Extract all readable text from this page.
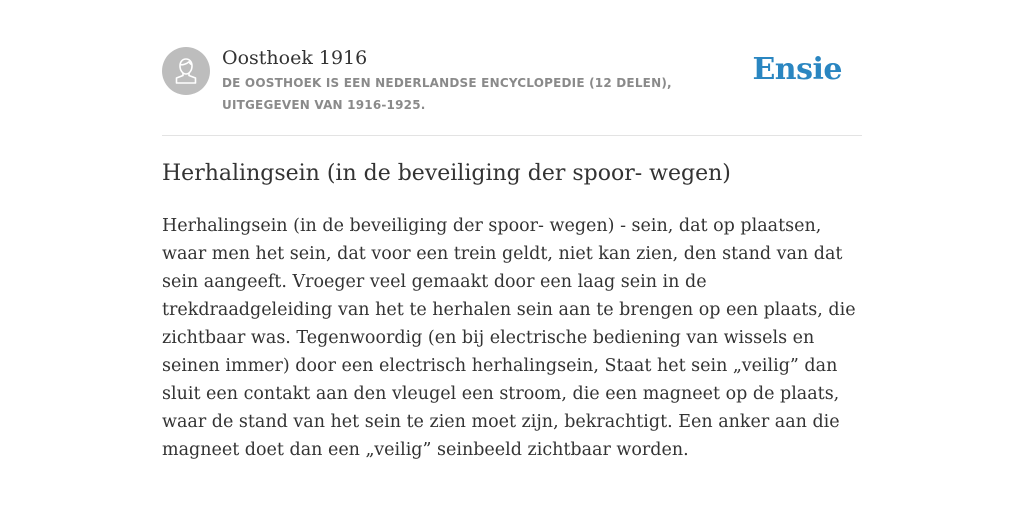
Oosthoek 1916

DE OOSTHOEK IS EEN NEDERLANDSE ENCYCLOPEDIE (12 DELEN), UITGEGEVEN VAN 1916-1925.

Ensie
Herhalingsein (in de beveiliging der spoor- wegen)

Herhalingsein (in de beveiliging der spoor- wegen) - sein, dat op plaatsen, waar men het sein, dat voor een trein geldt, niet kan zien, den stand van dat sein aangeeft. Vroeger veel gemaakt door een laag sein in de trekdraadgeleiding van het te herhalen sein aan te brengen op een plaats, die zichtbaar was. Tegenwoordig (en bij electrische bediening van wissels en seinen immer) door een electrisch herhalingsein, Staat het sein „veilig” dan sluit een contakt aan den vleugel een stroom, die een magneet op de plaats, waar de stand van het sein te zien moet zijn, bekrachtigt. Een anker aan die magneet doet dan een „veilig” seinbeeld zichtbaar worden.
